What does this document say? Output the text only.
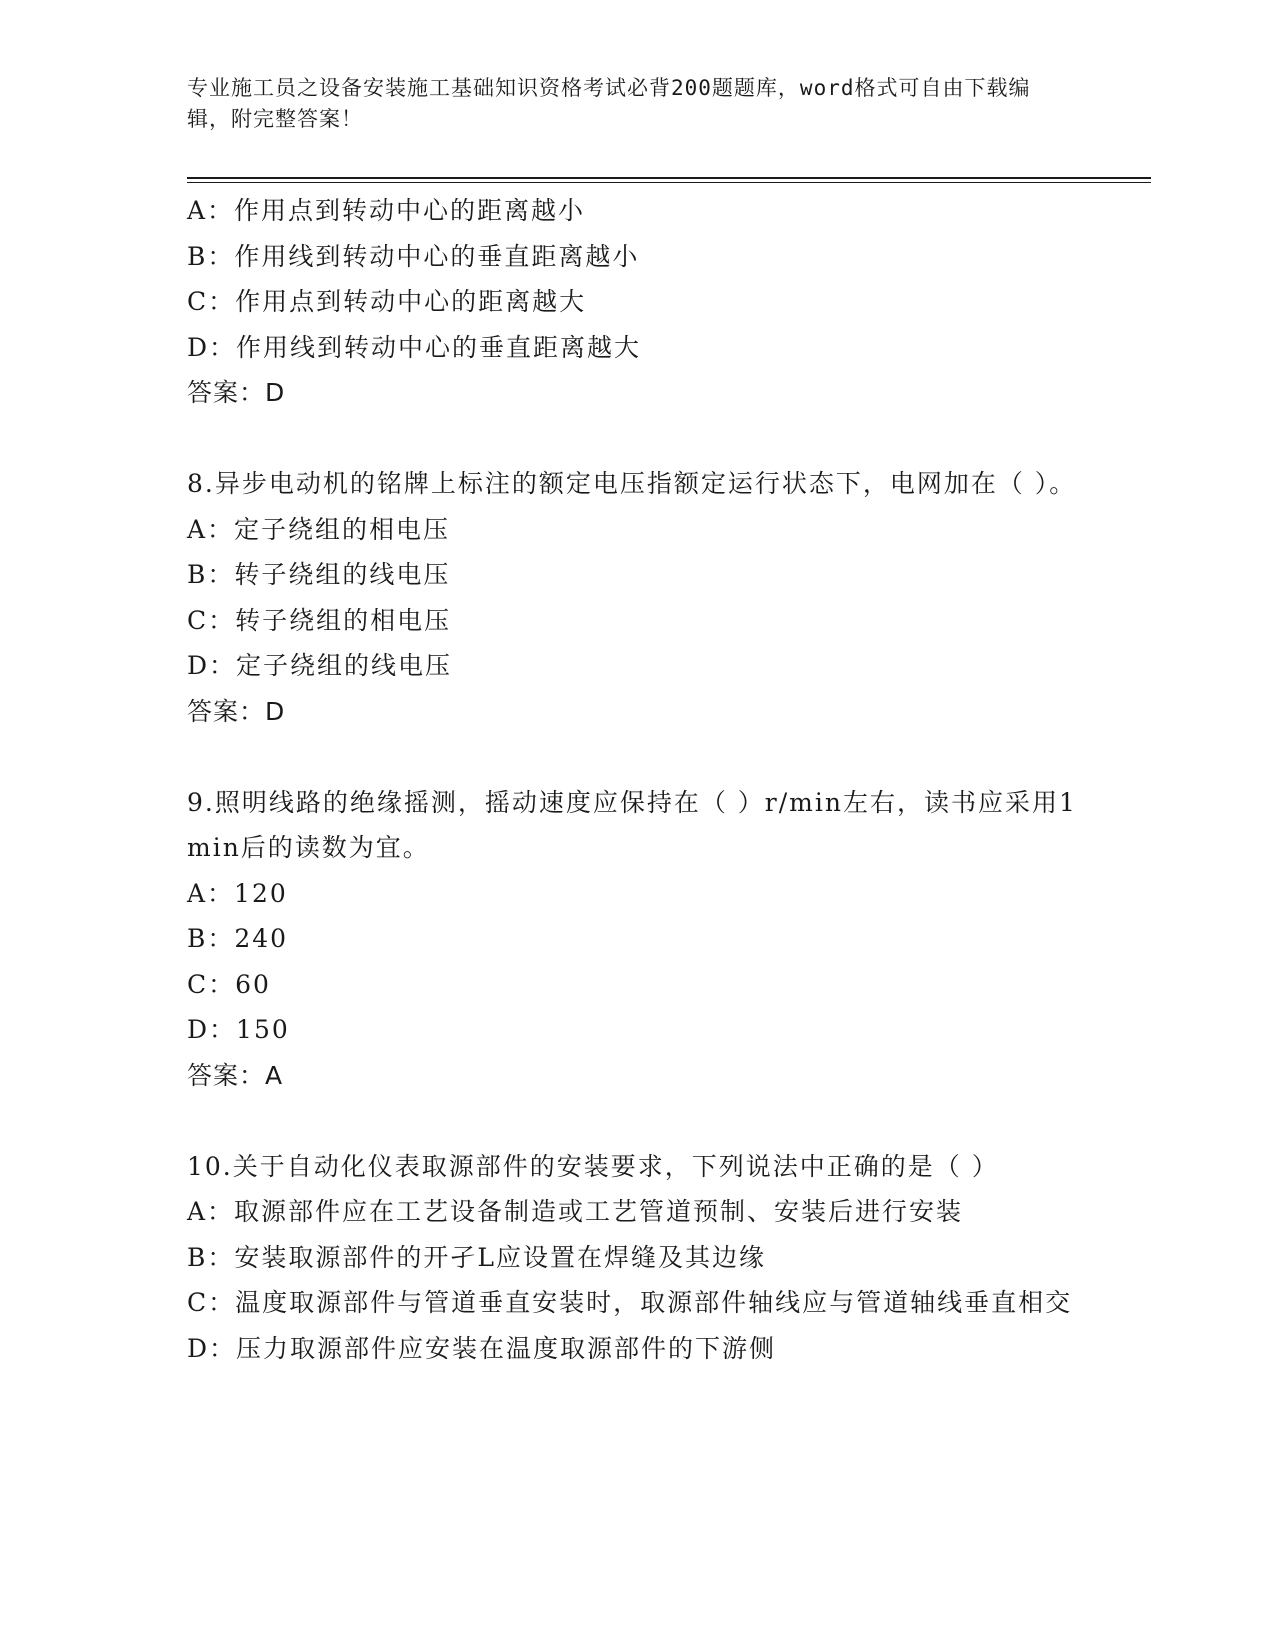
专业施工员之设备安装施工基础知识资格考试必背200题题库，word格式可自由下载编辑，附完整答案！
A：作用点到转动中心的距离越小
B：作用线到转动中心的垂直距离越小
C：作用点到转动中心的距离越大
D：作用线到转动中心的垂直距离越大
答案：D
8.异步电动机的铭牌上标注的额定电压指额定运行状态下，电网加在（ ）。
A：定子绕组的相电压
B：转子绕组的线电压
C：转子绕组的相电压
D：定子绕组的线电压
答案：D
9.照明线路的绝缘摇测，摇动速度应保持在（ ）r/min左右，读书应采用1min后的读数为宜。
A：120
B：240
C：60
D：150
答案：A
10.关于自动化仪表取源部件的安装要求，下列说法中正确的是（ ）
A：取源部件应在工艺设备制造或工艺管道预制、安装后进行安装
B：安装取源部件的开孑L应设置在焊缝及其边缘
C：温度取源部件与管道垂直安装时，取源部件轴线应与管道轴线垂直相交
D：压力取源部件应安装在温度取源部件的下游侧
